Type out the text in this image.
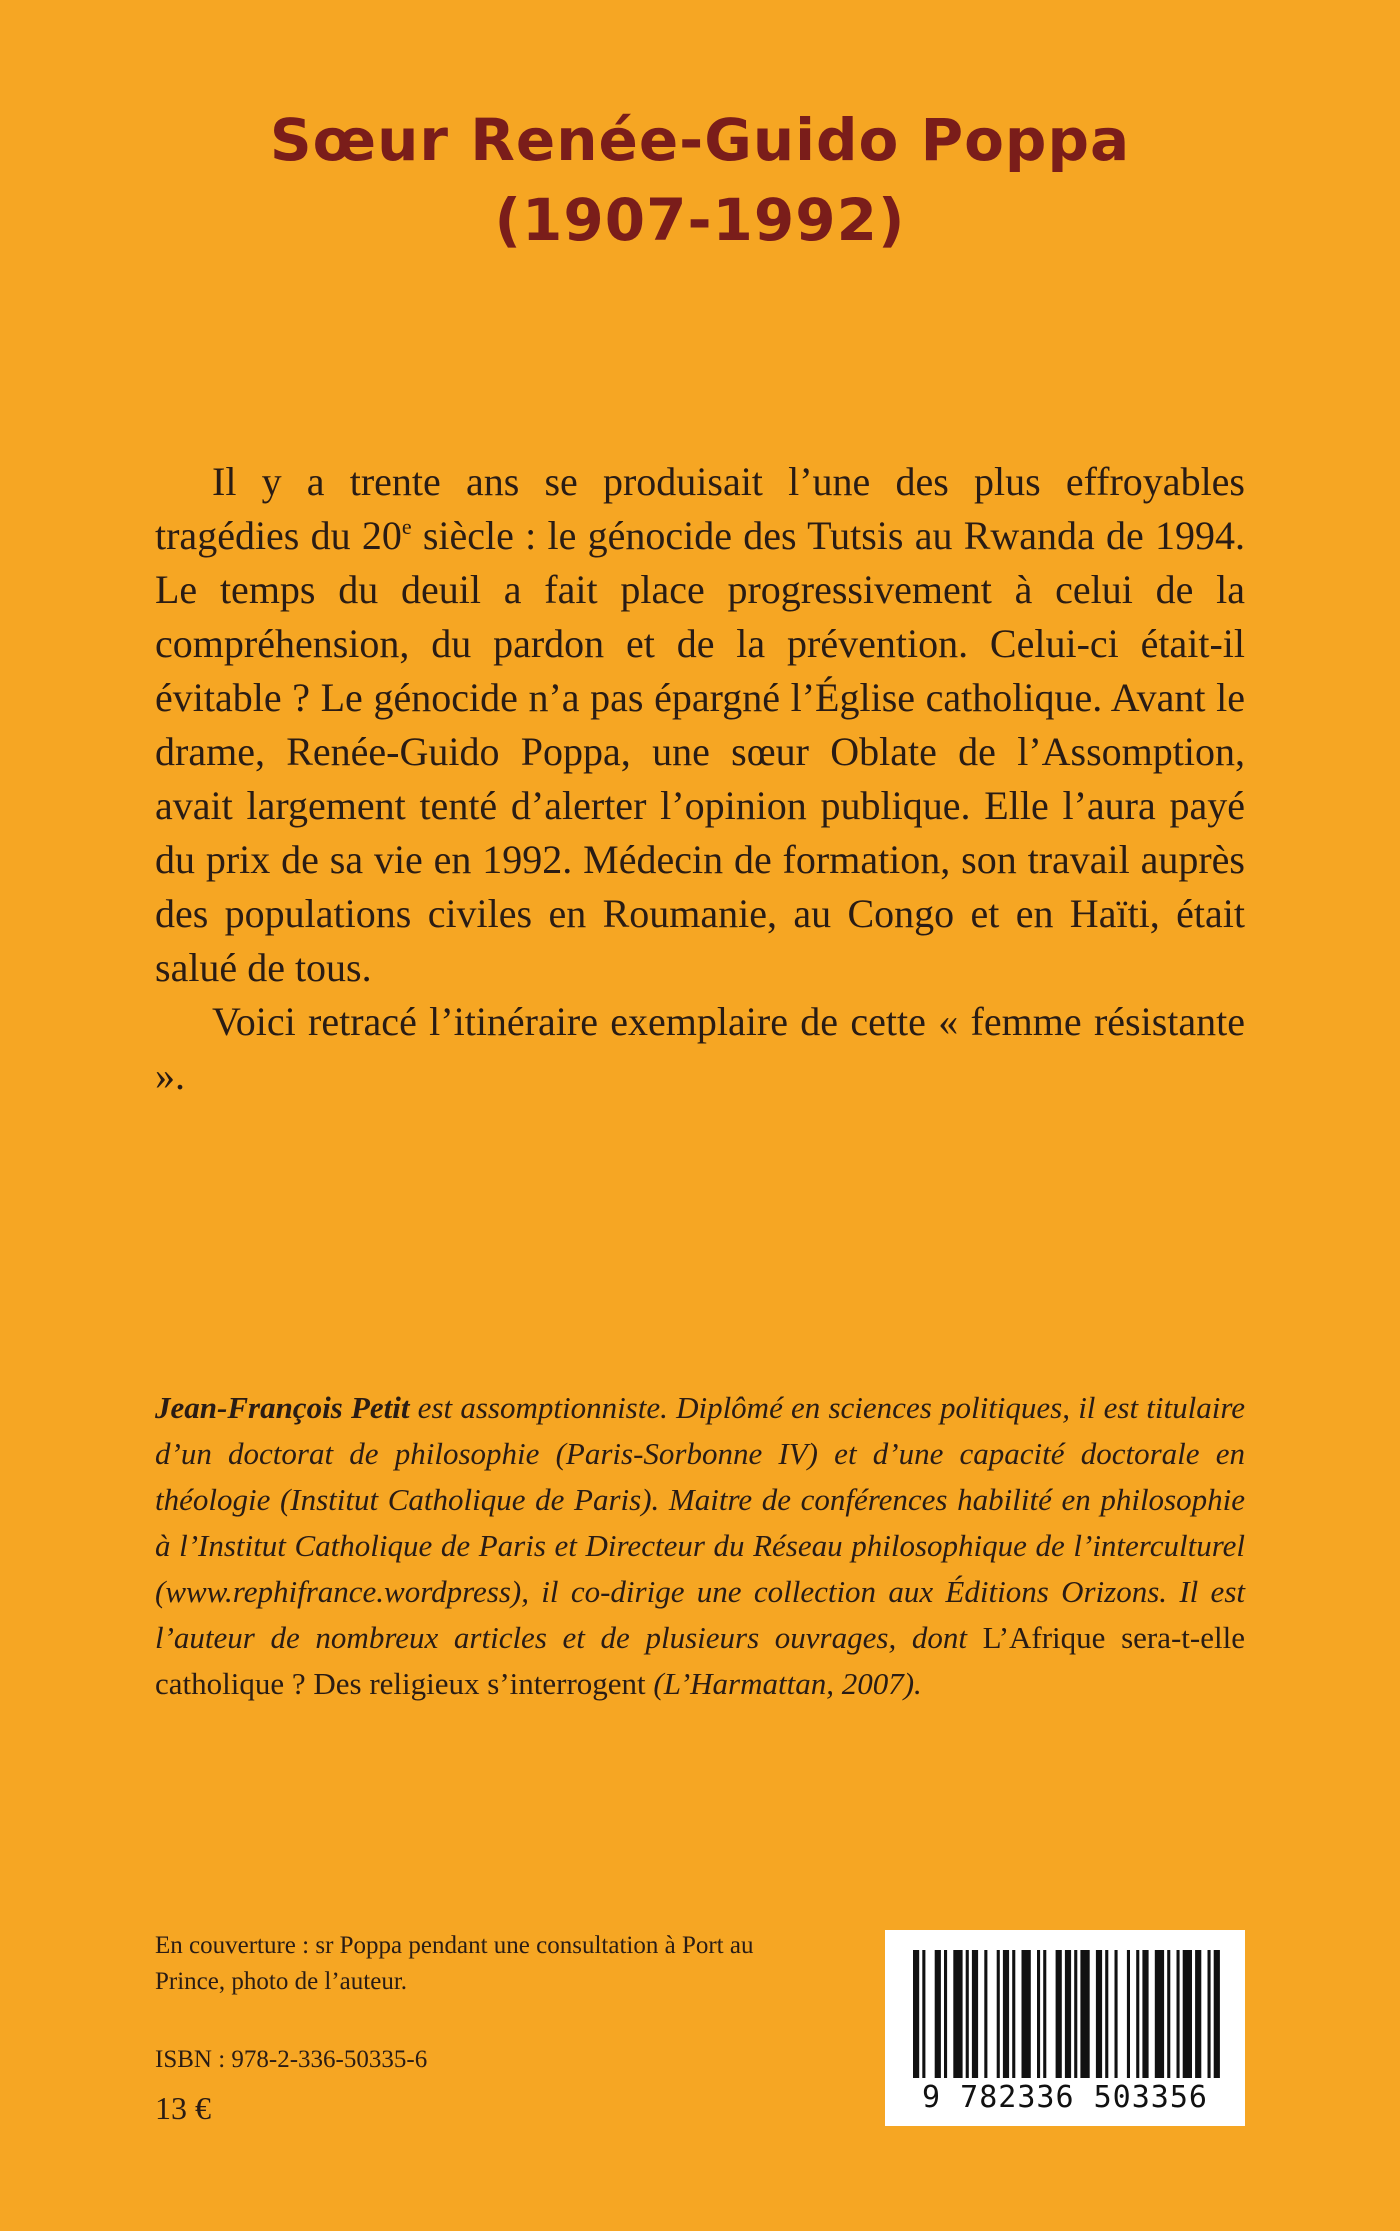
Sœur Renée-Guido Poppa
(1907-1992)

Il y a trente ans se produisait l’une des plus effroyables tragédies du 20e siècle : le génocide des Tutsis au Rwanda de 1994. Le temps du deuil a fait place progressivement à celui de la compréhension, du pardon et de la prévention. Celui-ci était-il évitable ? Le génocide n’a pas épargné l’Église catholique. Avant le drame, Renée-Guido Poppa, une sœur Oblate de l’Assomption, avait largement tenté d’alerter l’opinion publique. Elle l’aura payé du prix de sa vie en 1992. Médecin de formation, son travail auprès des populations civiles en Roumanie, au Congo et en Haïti, était salué de tous.

Voici retracé l’itinéraire exemplaire de cette « femme résistante ».

Jean-François Petit est assomptionniste. Diplômé en sciences politiques, il est titulaire d’un doctorat de philosophie (Paris-Sorbonne IV) et d’une capacité doctorale en théologie (Institut Catholique de Paris). Maitre de conférences habilité en philosophie à l’Institut Catholique de Paris et Directeur du Réseau philosophique de l’interculturel (www.rephifrance.wordpress), il co-dirige une collection aux Éditions Orizons. Il est l’auteur de nombreux articles et de plusieurs ouvrages, dont L’Afrique sera-t-elle catholique ? Des religieux s’interrogent (L’Harmattan, 2007).
En couverture : sr Poppa pendant une consultation à Port au Prince, photo de l’auteur.
ISBN : 978-2-336-50335-6
13 €	9 782336 503356
